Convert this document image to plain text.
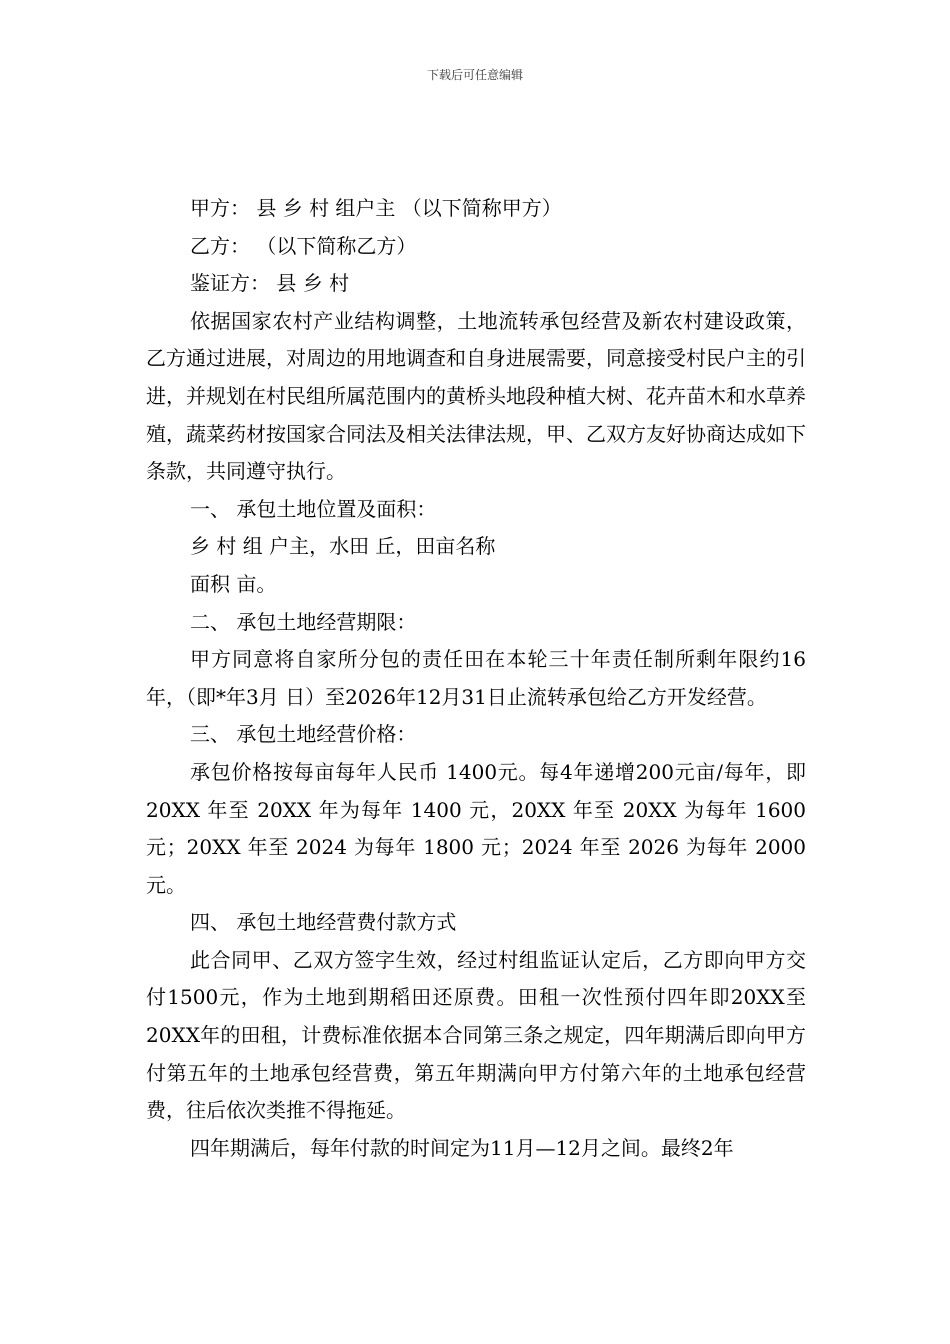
下载后可任意编辑

甲方： 县 乡 村 组户主 （以下简称甲方）

乙方： （以下简称乙方）

鉴证方： 县 乡 村

依据国家农村产业结构调整，土地流转承包经营及新农村建设政策，乙方通过进展，对周边的用地调查和自身进展需要，同意接受村民户主的引进，并规划在村民组所属范围内的黄桥头地段种植大树、花卉苗木和水草养殖，蔬菜药材按国家合同法及相关法律法规，甲、乙双方友好协商达成如下条款，共同遵守执行。

一、 承包土地位置及面积：

乡 村 组 户主，水田 丘，田亩名称

面积 亩。

二、 承包土地经营期限：

甲方同意将自家所分包的责任田在本轮三十年责任制所剩年限约16年，（即*年3月 日）至2026年12月31日止流转承包给乙方开发经营。

三、 承包土地经营价格：

承包价格按每亩每年人民币 1400元。每4年递增200元亩/每年，即 20XX 年至 20XX 年为每年 1400 元，20XX 年至 20XX 为每年 1600 元；20XX 年至 2024 为每年 1800 元；2024 年至 2026 为每年 2000元。

四、 承包土地经营费付款方式

此合同甲、乙双方签字生效，经过村组监证认定后，乙方即向甲方交付1500元，作为土地到期稻田还原费。田租一次性预付四年即20XX至20XX年的田租，计费标准依据本合同第三条之规定，四年期满后即向甲方付第五年的土地承包经营费，第五年期满向甲方付第六年的土地承包经营费，往后依次类推不得拖延。

四年期满后，每年付款的时间定为11月—12月之间。最终2年
